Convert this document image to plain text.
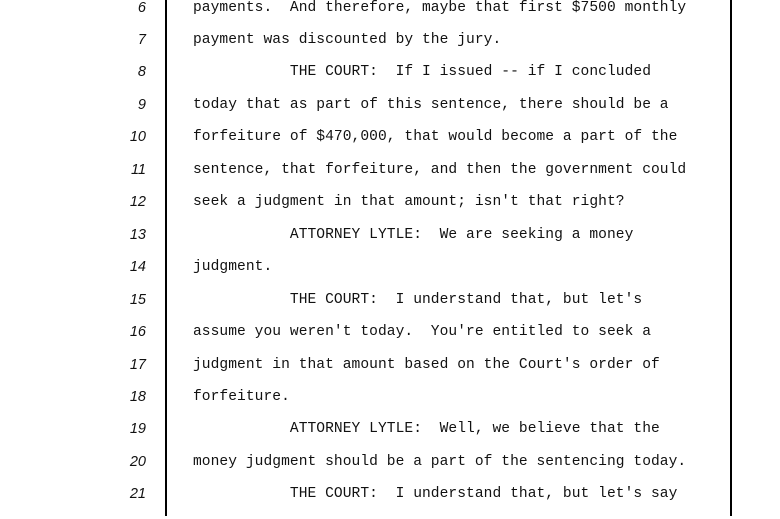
6	payments.  And therefore, maybe that first $7500 monthly
7	payment was discounted by the jury.
8	THE COURT:  If I issued -- if I concluded
9	today that as part of this sentence, there should be a
10	forfeiture of $470,000, that would become a part of the
11	sentence, that forfeiture, and then the government could
12	seek a judgment in that amount; isn't that right?
13	ATTORNEY LYTLE:  We are seeking a money
14	judgment.
15	THE COURT:  I understand that, but let's
16	assume you weren't today.  You're entitled to seek a
17	judgment in that amount based on the Court's order of
18	forfeiture.
19	ATTORNEY LYTLE:  Well, we believe that the
20	money judgment should be a part of the sentencing today.
21	THE COURT:  I understand that, but let's say
